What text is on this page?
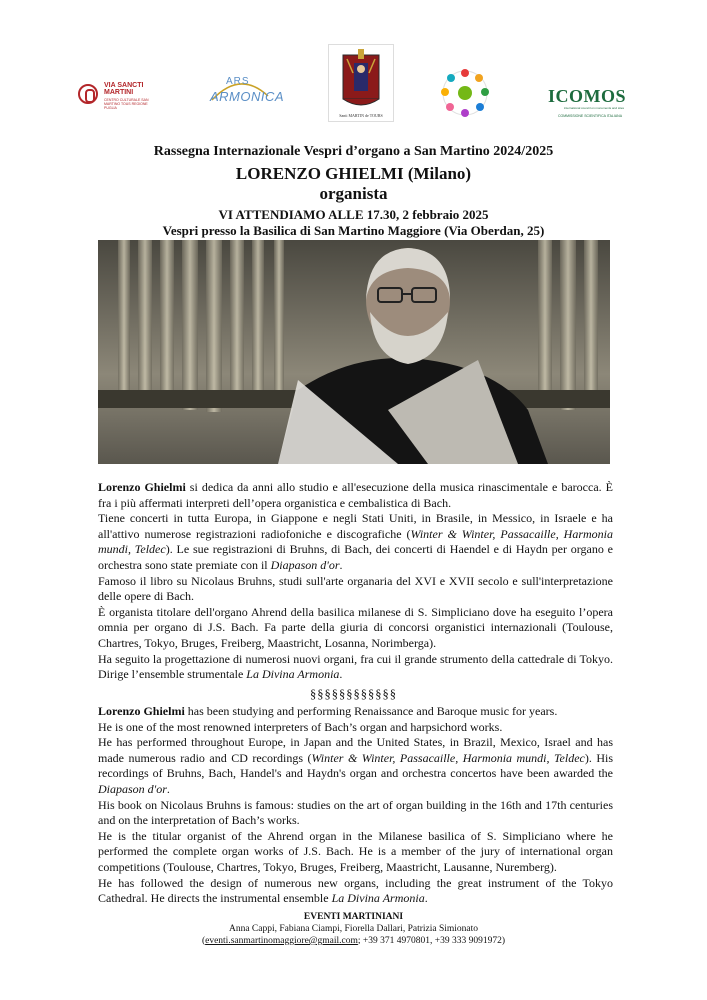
VIA SANCTI MARTINI
CENTRO CULTURALE SAN MARTINO TOUS REGIONE PUGLIA
ARS
ARMONICA
Santi MARTIN de TOURS
ICOMOS
international council on monuments and sites
COMMISSIONE SCIENTIFICA ITALIANA
Rassegna Internazionale Vespri d’organo a San Martino 2024/2025
LORENZO GHIELMI (Milano)
organista
VI ATTENDIAMO ALLE 17.30, 2 febbraio 2025
Vespri presso la Basilica di San Martino Maggiore (Via Oberdan, 25)

Lorenzo Ghielmi si dedica da anni allo studio e all'esecuzione della musica rinascimentale e barocca. È fra i più affermati interpreti dell’opera organistica e cembalistica di Bach.

Tiene concerti in tutta Europa, in Giappone e negli Stati Uniti, in Brasile, in Messico, in Israele e ha all'attivo numerose registrazioni radiofoniche e discografiche (Winter & Winter, Passacaille, Harmonia mundi, Teldec). Le sue registrazioni di Bruhns, di Bach, dei concerti di Haendel e di Haydn per organo e orchestra sono state premiate con il Diapason d'or.

Famoso il libro su Nicolaus Bruhns, studi sull'arte organaria del XVI e XVII secolo e sull'interpretazione delle opere di Bach.

È organista titolare dell'organo Ahrend della basilica milanese di S. Simpliciano dove ha eseguito l’opera omnia per organo di J.S. Bach. Fa parte della giuria di concorsi organistici internazionali (Toulouse, Chartres, Tokyo, Bruges, Freiberg, Maastricht, Losanna, Norimberga).

Ha seguito la progettazione di numerosi nuovi organi, fra cui il grande strumento della cattedrale di Tokyo. Dirige l’ensemble strumentale La Divina Armonia.

§§§§§§§§§§§§

Lorenzo Ghielmi has been studying and performing Renaissance and Baroque music for years.

He is one of the most renowned interpreters of Bach’s organ and harpsichord works.

He has performed throughout Europe, in Japan and the United States, in Brazil, Mexico, Israel and has made numerous radio and CD recordings (Winter & Winter, Passacaille, Harmonia mundi, Teldec). His recordings of Bruhns, Bach, Handel's and Haydn's organ and orchestra concertos have been awarded the Diapason d'or.

His book on Nicolaus Bruhns is famous: studies on the art of organ building in the 16th and 17th centuries and on the interpretation of Bach’s works.

He is the titular organist of the Ahrend organ in the Milanese basilica of S. Simpliciano where he performed the complete organ works of J.S. Bach. He is a member of the jury of international organ competitions (Toulouse, Chartres, Tokyo, Bruges, Freiberg, Maastricht, Lausanne, Nuremberg).

He has followed the design of numerous new organs, including the great instrument of the Tokyo Cathedral. He directs the instrumental ensemble La Divina Armonia.

EVENTI MARTINIANI
Anna Cappi, Fabiana Ciampi, Fiorella Dallari, Patrizia Simionato
(eventi.sanmartinomaggiore@gmail.com; +39 371 4970801, +39 333 9091972)
